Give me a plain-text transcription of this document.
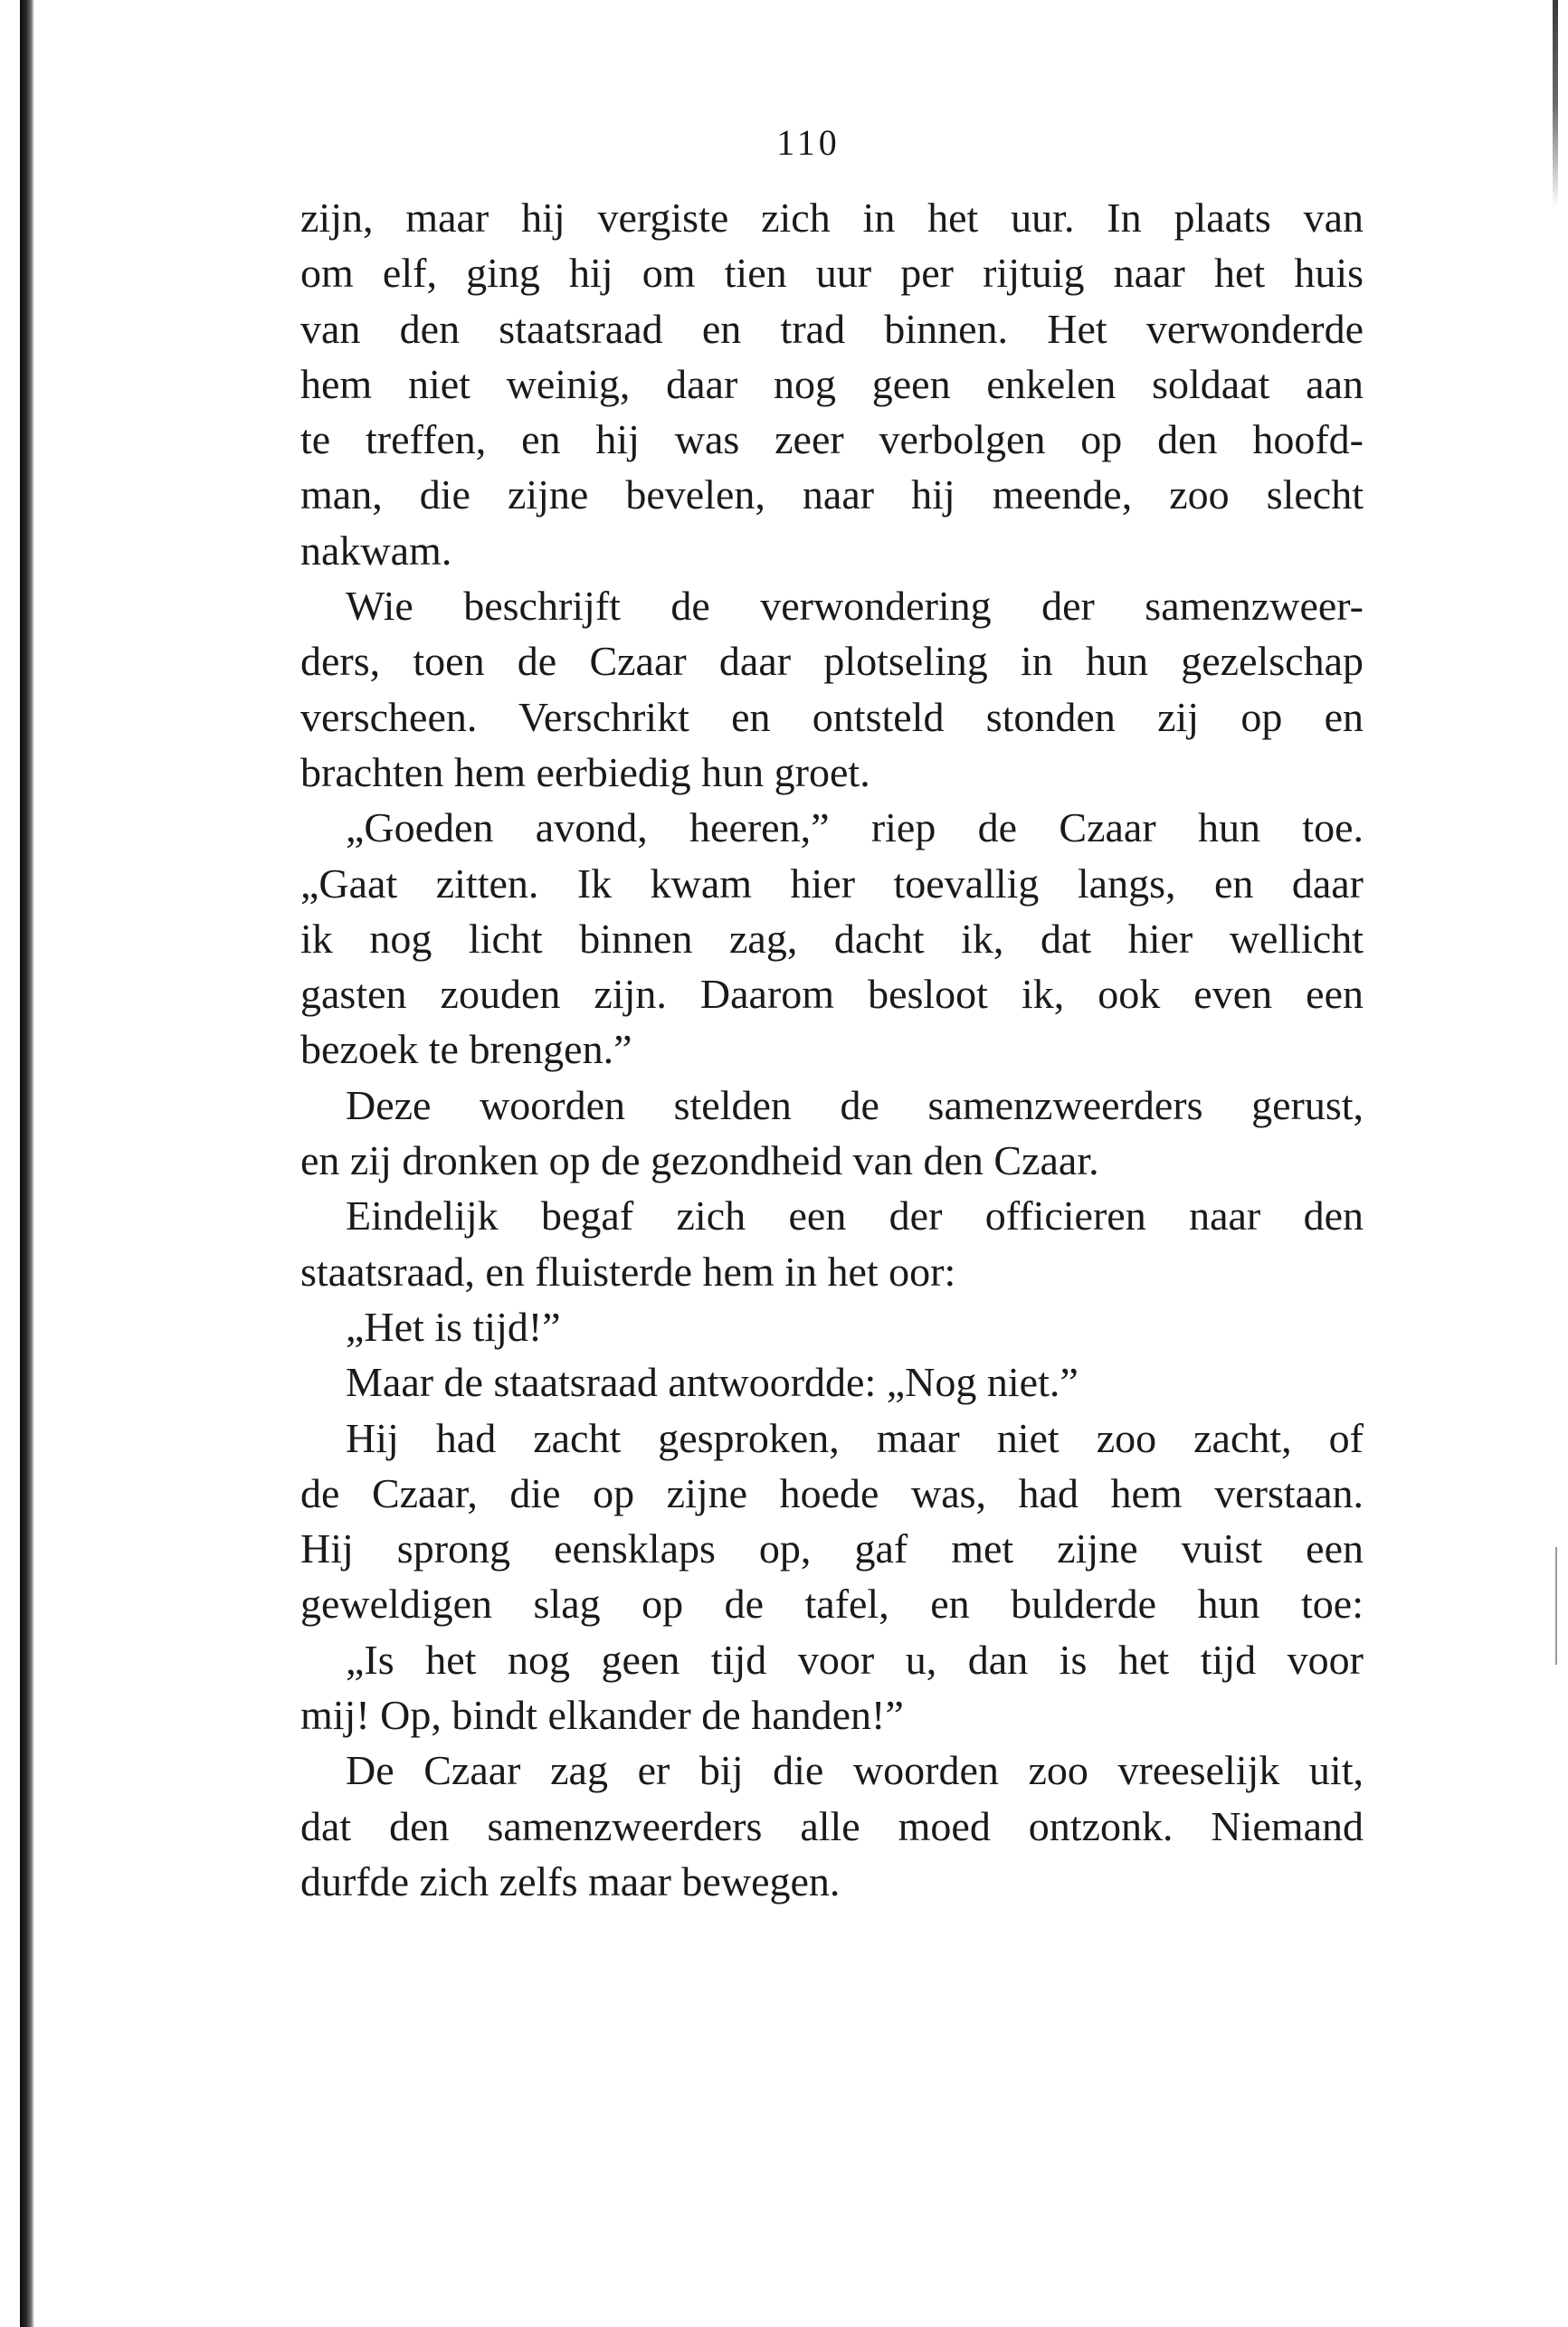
110
zijn, maar hij vergiste zich in het uur. In plaats van
om elf, ging hij om tien uur per rijtuig naar het huis
van den staatsraad en trad binnen. Het verwonderde
hem niet weinig, daar nog geen enkelen soldaat aan
te treffen, en hij was zeer verbolgen op den hoofd-
man, die zijne bevelen, naar hij meende, zoo slecht
nakwam.
Wie beschrijft de verwondering der samenzweer-
ders, toen de Czaar daar plotseling in hun gezelschap
verscheen. Verschrikt en ontsteld stonden zij op en
brachten hem eerbiedig hun groet.
„Goeden avond, heeren,” riep de Czaar hun toe.
„Gaat zitten. Ik kwam hier toevallig langs, en daar
ik nog licht binnen zag, dacht ik, dat hier wellicht
gasten zouden zijn. Daarom besloot ik, ook even een
bezoek te brengen.”
Deze woorden stelden de samenzweerders gerust,
en zij dronken op de gezondheid van den Czaar.
Eindelijk begaf zich een der officieren naar den
staatsraad, en fluisterde hem in het oor:
„Het is tijd!”
Maar de staatsraad antwoordde: „Nog niet.”
Hij had zacht gesproken, maar niet zoo zacht, of
de Czaar, die op zijne hoede was, had hem verstaan.
Hij sprong eensklaps op, gaf met zijne vuist een
geweldigen slag op de tafel, en bulderde hun toe:
„Is het nog geen tijd voor u, dan is het tijd voor
mij! Op, bindt elkander de handen!”
De Czaar zag er bij die woorden zoo vreeselijk uit,
dat den samenzweerders alle moed ontzonk. Niemand
durfde zich zelfs maar bewegen.
